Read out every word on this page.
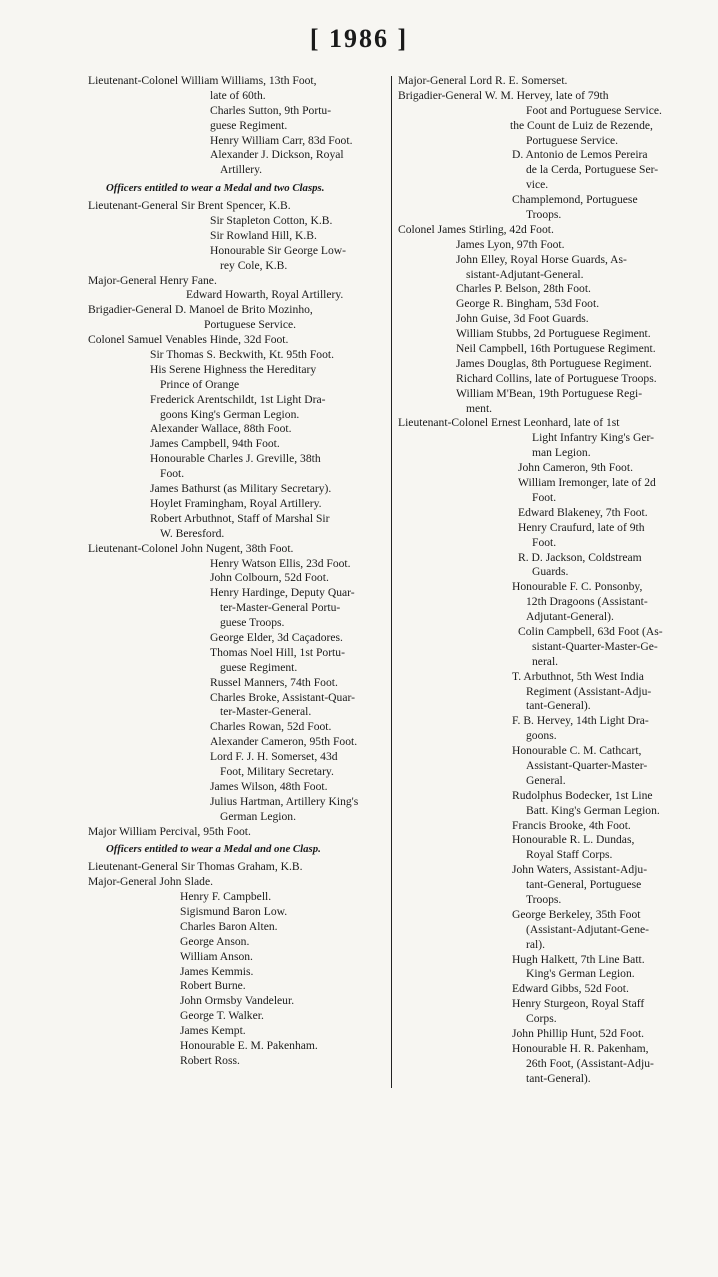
[ 1986 ]
Lieutenant-Colonel William Williams, 13th Foot,
late of 60th.
Charles Sutton, 9th Portu-
guese Regiment.
Henry William Carr, 83d Foot.
Alexander J. Dickson, Royal
Artillery.
Officers entitled to wear a Medal and two Clasps.
Lieutenant-General Sir Brent Spencer, K.B.
Sir Stapleton Cotton, K.B.
Sir Rowland Hill, K.B.
Honourable Sir George Low-
rey Cole, K.B.
Major-General Henry Fane.
Edward Howarth, Royal Artillery.
Brigadier-General D. Manoel de Brito Mozinho,
Portuguese Service.
Colonel Samuel Venables Hinde, 32d Foot.
Sir Thomas S. Beckwith, Kt. 95th Foot.
His Serene Highness the Hereditary
Prince of Orange
Frederick Arentschildt, 1st Light Dra-
goons King's German Legion.
Alexander Wallace, 88th Foot.
James Campbell, 94th Foot.
Honourable Charles J. Greville, 38th
Foot.
James Bathurst (as Military Secretary).
Hoylet Framingham, Royal Artillery.
Robert Arbuthnot, Staff of Marshal Sir
W. Beresford.
Lieutenant-Colonel John Nugent, 38th Foot.
Henry Watson Ellis, 23d Foot.
John Colbourn, 52d Foot.
Henry Hardinge, Deputy Quar-
ter-Master-General Portu-
guese Troops.
George Elder, 3d Caçadores.
Thomas Noel Hill, 1st Portu-
guese Regiment.
Russel Manners, 74th Foot.
Charles Broke, Assistant-Quar-
ter-Master-General.
Charles Rowan, 52d Foot.
Alexander Cameron, 95th Foot.
Lord F. J. H. Somerset, 43d
Foot, Military Secretary.
James Wilson, 48th Foot.
Julius Hartman, Artillery King's
German Legion.
Major William Percival, 95th Foot.
Officers entitled to wear a Medal and one Clasp.
Lieutenant-General Sir Thomas Graham, K.B.
Major-General John Slade.
Henry F. Campbell.
Sigismund Baron Low.
Charles Baron Alten.
George Anson.
William Anson.
James Kemmis.
Robert Burne.
John Ormsby Vandeleur.
George T. Walker.
James Kempt.
Honourable E. M. Pakenham.
Robert Ross.
Major-General Lord R. E. Somerset.
Brigadier-General W. M. Hervey, late of 79th
Foot and Portuguese Service.
the Count de Luiz de Rezende,
Portuguese Service.
D. Antonio de Lemos Pereira
de la Cerda, Portuguese Ser-
vice.
Champlemond, Portuguese
Troops.
Colonel James Stirling, 42d Foot.
James Lyon, 97th Foot.
John Elley, Royal Horse Guards, As-
sistant-Adjutant-General.
Charles P. Belson, 28th Foot.
George R. Bingham, 53d Foot.
John Guise, 3d Foot Guards.
William Stubbs, 2d Portuguese Regiment.
Neil Campbell, 16th Portuguese Regiment.
James Douglas, 8th Portuguese Regiment.
Richard Collins, late of Portuguese Troops.
William M'Bean, 19th Portuguese Regi-
ment.
Lieutenant-Colonel Ernest Leonhard, late of 1st
Light Infantry King's Ger-
man Legion.
John Cameron, 9th Foot.
William Iremonger, late of 2d
Foot.
Edward Blakeney, 7th Foot.
Henry Craufurd, late of 9th
Foot.
R. D. Jackson, Coldstream
Guards.
Honourable F. C. Ponsonby,
12th Dragoons (Assistant-
Adjutant-General).
Colin Campbell, 63d Foot (As-
sistant-Quarter-Master-Ge-
neral.
T. Arbuthnot, 5th West India
Regiment (Assistant-Adju-
tant-General).
F. B. Hervey, 14th Light Dra-
goons.
Honourable C. M. Cathcart,
Assistant-Quarter-Master-
General.
Rudolphus Bodecker, 1st Line
Batt. King's German Legion.
Francis Brooke, 4th Foot.
Honourable R. L. Dundas,
Royal Staff Corps.
John Waters, Assistant-Adju-
tant-General, Portuguese
Troops.
George Berkeley, 35th Foot
(Assistant-Adjutant-Gene-
ral).
Hugh Halkett, 7th Line Batt.
King's German Legion.
Edward Gibbs, 52d Foot.
Henry Sturgeon, Royal Staff
Corps.
John Phillip Hunt, 52d Foot.
Honourable H. R. Pakenham,
26th Foot, (Assistant-Adju-
tant-General).
